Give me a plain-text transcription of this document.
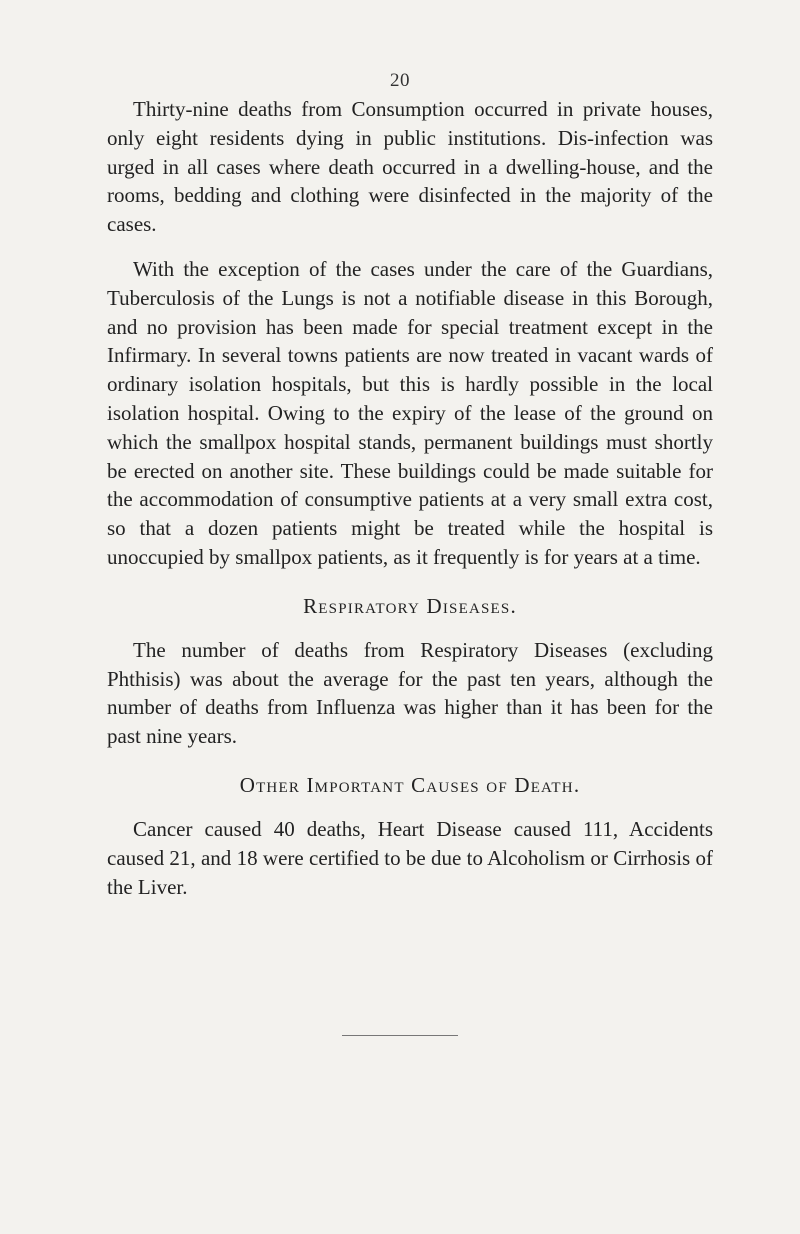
20

Thirty-nine deaths from Consumption occurred in private houses, only eight residents dying in public institutions. Dis-infection was urged in all cases where death occurred in a dwelling-house, and the rooms, bedding and clothing were disinfected in the majority of the cases.

With the exception of the cases under the care of the Guardians, Tuberculosis of the Lungs is not a notifiable disease in this Borough, and no provision has been made for special treatment except in the Infirmary. In several towns patients are now treated in vacant wards of ordinary isolation hospitals, but this is hardly possible in the local isolation hospital. Owing to the expiry of the lease of the ground on which the smallpox hospital stands, permanent buildings must shortly be erected on another site. These buildings could be made suitable for the accommodation of consumptive patients at a very small extra cost, so that a dozen patients might be treated while the hospital is unoccupied by smallpox patients, as it frequently is for years at a time.

Respiratory Diseases.

The number of deaths from Respiratory Diseases (excluding Phthisis) was about the average for the past ten years, although the number of deaths from Influenza was higher than it has been for the past nine years.

Other Important Causes of Death.

Cancer caused 40 deaths, Heart Disease caused 111, Accidents caused 21, and 18 were certified to be due to Alcoholism or Cirrhosis of the Liver.
